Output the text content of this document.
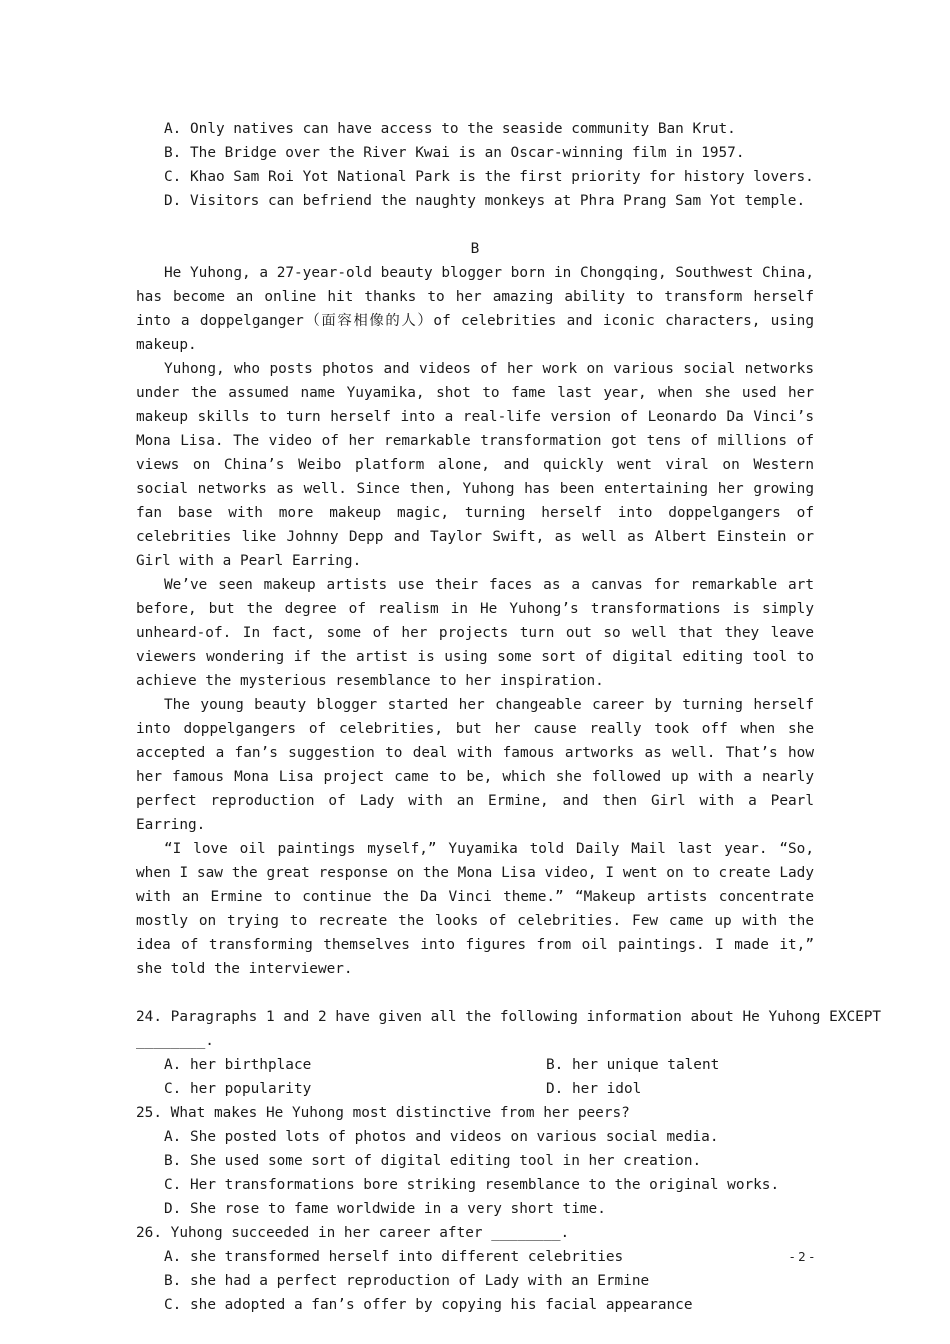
A. Only natives can have access to the seaside community Ban Krut.
B. The Bridge over the River Kwai is an Oscar-winning film in 1957.
C. Khao Sam Roi Yot National Park is the first priority for history lovers.
D. Visitors can befriend the naughty monkeys at Phra Prang Sam Yot temple.
B

He Yuhong, a 27-year-old beauty blogger born in Chongqing, Southwest China, has become an online hit thanks to her amazing ability to transform herself into a doppelganger（面容相像的人）of celebrities and iconic characters, using makeup.

Yuhong, who posts photos and videos of her work on various social networks under the assumed name Yuyamika, shot to fame last year, when she used her makeup skills to turn herself into a real-life version of Leonardo Da Vinci’s Mona Lisa. The video of her remarkable transformation got tens of millions of views on China’s Weibo platform alone, and quickly went viral on Western social networks as well. Since then, Yuhong has been entertaining her growing fan base with more makeup magic, turning herself into doppelgangers of celebrities like Johnny Depp and Taylor Swift, as well as Albert Einstein or Girl with a Pearl Earring.

We’ve seen makeup artists use their faces as a canvas for remarkable art before, but the degree of realism in He Yuhong’s transformations is simply unheard-of. In fact, some of her projects turn out so well that they leave viewers wondering if the artist is using some sort of digital editing tool to achieve the mysterious resemblance to her inspiration.

The young beauty blogger started her changeable career by turning herself into doppelgangers of celebrities, but her cause really took off when she accepted a fan’s suggestion to deal with famous artworks as well. That’s how her famous Mona Lisa project came to be, which she followed up with a nearly perfect reproduction of Lady with an Ermine, and then Girl with a Pearl Earring.

“I love oil paintings myself,” Yuyamika told Daily Mail last year. “So, when I saw the great response on the Mona Lisa video, I went on to create Lady with an Ermine to continue the Da Vinci theme.” “Makeup artists concentrate mostly on trying to recreate the looks of celebrities. Few came up with the idea of transforming themselves into figures from oil paintings. I made it,” she told the interviewer.

24. Paragraphs 1 and 2 have given all the following information about He Yuhong EXCEPT
________.
A. her birthplace	B. her unique talent
C. her popularity	D. her idol
25. What makes He Yuhong most distinctive from her peers?
A. She posted lots of photos and videos on various social media.
B. She used some sort of digital editing tool in her creation.
C. Her transformations bore striking resemblance to the original works.
D. She rose to fame worldwide in a very short time.
26. Yuhong succeeded in her career after ________.
A. she transformed herself into different celebrities
B. she had a perfect reproduction of Lady with an Ermine
C. she adopted a fan’s offer by copying his facial appearance
- 2 -
